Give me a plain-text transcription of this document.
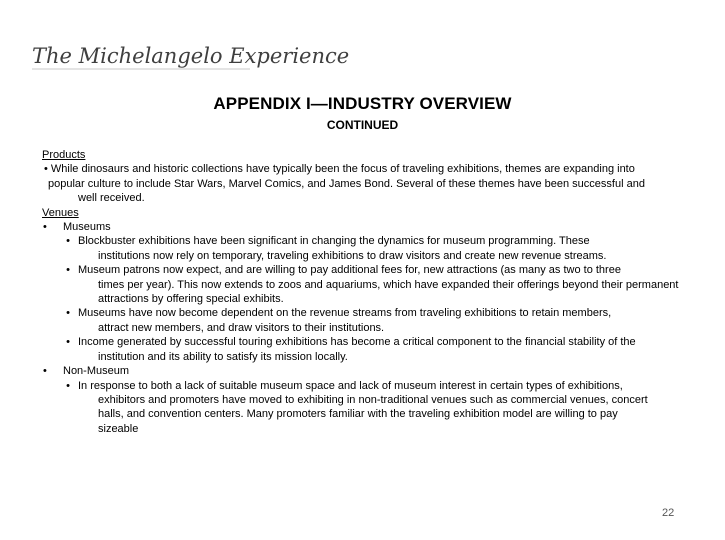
The Michelangelo Experience
APPENDIX I—INDUSTRY OVERVIEW
CONTINUED
Products
• While dinosaurs and historic collections have typically been the focus of traveling exhibitions, themes are expanding into
popular culture to include Star Wars, Marvel Comics, and James Bond. Several of these themes have been successful and
well received.
Venues
• Museums
• Blockbuster exhibitions have been significant in changing the dynamics for museum programming. These
institutions now rely on temporary, traveling exhibitions to draw visitors and create new revenue streams.
• Museum patrons now expect, and are willing to pay additional fees for, new attractions (as many as two to three
times per year). This now extends to zoos and aquariums, which have expanded their offerings beyond their permanent attractions by offering special exhibits.
• Museums have now become dependent on the revenue streams from traveling exhibitions to retain members,
attract new members, and draw visitors to their institutions.
• Income generated by successful touring exhibitions has become a critical component to the financial stability of the
institution and its ability to satisfy its mission locally.
• Non-Museum
• In response to both a lack of suitable museum space and lack of museum interest in certain types of exhibitions,
exhibitors and promoters have moved to exhibiting in non-traditional venues such as commercial venues, concert
halls, and convention centers. Many promoters familiar with the traveling exhibition model are willing to pay sizeable
22
